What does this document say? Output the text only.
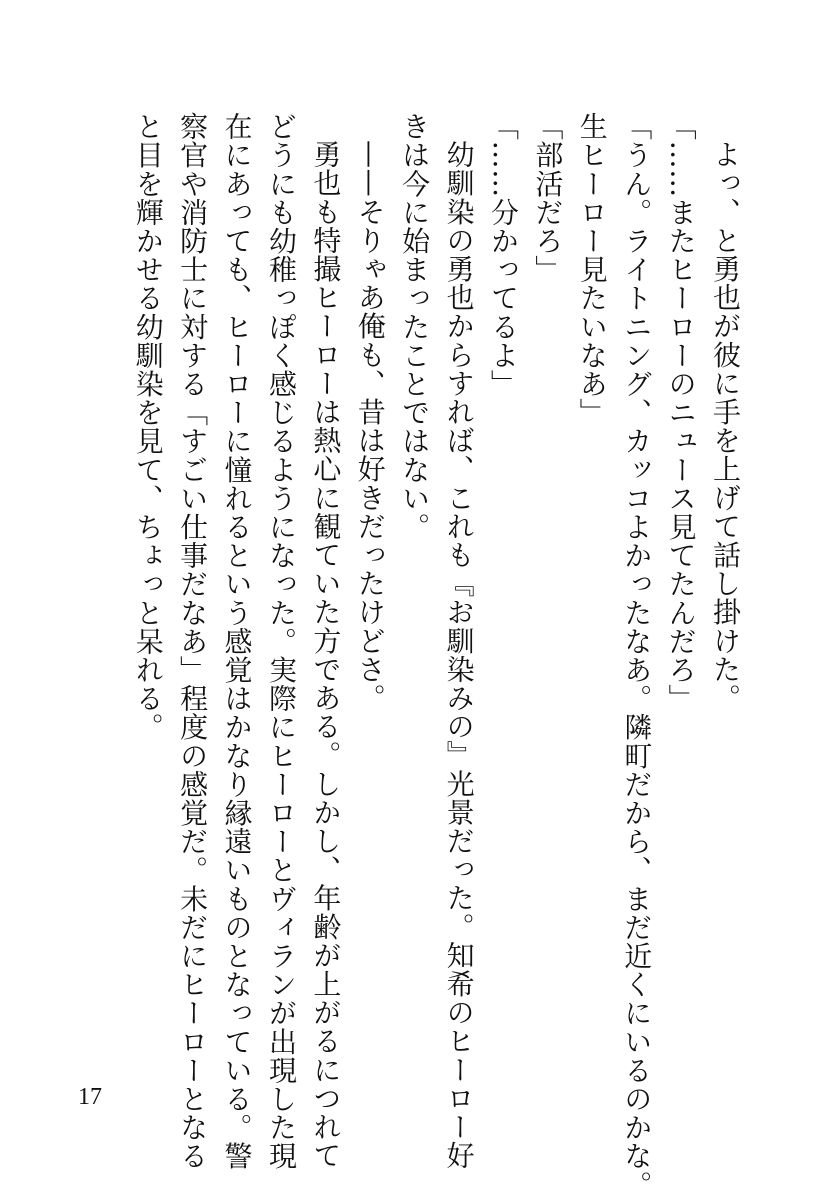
よっ、と勇也が彼に手を上げて話し掛けた。
「……またヒーローのニュース見てたんだろ」
「うん。ライトニング、カッコよかったなあ。隣町だから、まだ近くにいるのかな。
生ヒーロー見たいなあ」
「部活だろ」
「……分かってるよ」
幼馴染の勇也からすれば、これも『お馴染みの』光景だった。知希のヒーロー好
きは今に始まったことではない。
——そりゃあ俺も、昔は好きだったけどさ。
勇也も特撮ヒーローは熱心に観ていた方である。しかし、年齢が上がるにつれて
どうにも幼稚っぽく感じるようになった。実際にヒーローとヴィランが出現した現
在にあっても、ヒーローに憧れるという感覚はかなり縁遠いものとなっている。警
察官や消防士に対する「すごい仕事だなあ」程度の感覚だ。未だにヒーローとなる
と目を輝かせる幼馴染を見て、ちょっと呆れる。
17
